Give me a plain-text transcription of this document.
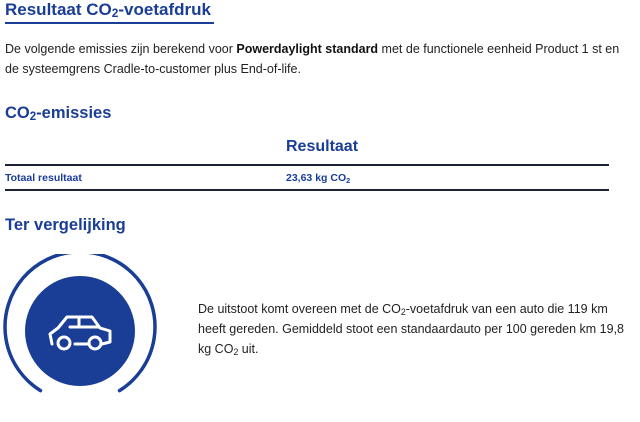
Resultaat $CO_2$-voetafdruk
De volgende emissies zijn berekend voor Powerdaylight standard met de functionele eenheid Product 1 st en de systeemgrens Cradle-to-customer plus End-of-life.
$CO_2$-emissies
Resultaat
Totaal resultaat	23,63 kg $CO_2$
Ter vergelijking
De uitstoot komt overeen met de $CO_2$-voetafdruk van een auto die 119 km heeft gereden. Gemiddeld stoot een standaardauto per 100 gereden km 19,8 kg $CO_2$ uit.
